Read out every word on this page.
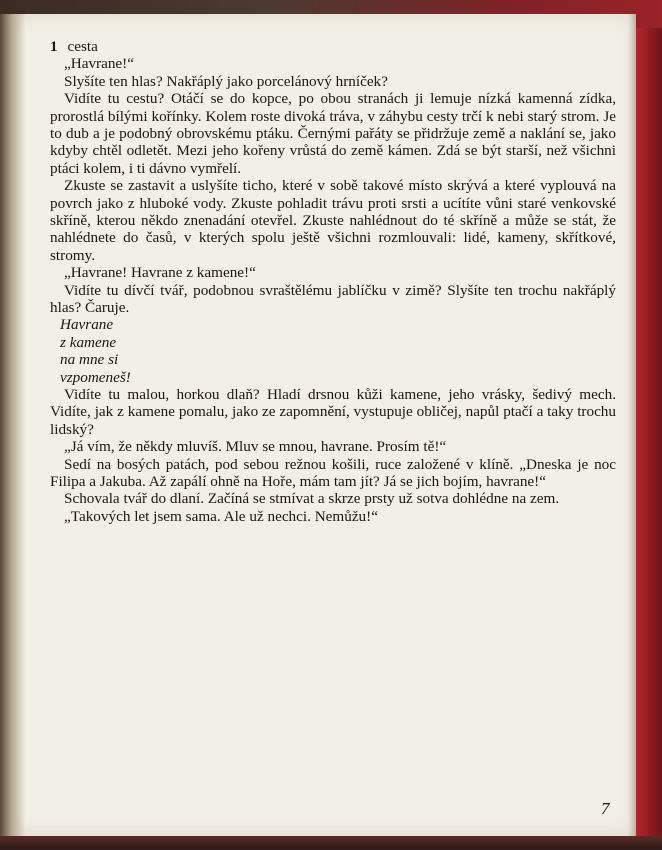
1 cesta

„Havrane!“

Slyšíte ten hlas? Nakřáplý jako porcelánový hrníček?

Vidíte tu cestu? Otáčí se do kopce, po obou stranách ji lemuje nízká kamenná zídka, prorostlá bílými kořínky. Kolem roste divoká tráva, v záhybu cesty trčí k nebi starý strom. Je to dub a je podobný obrovskému ptáku. Černými pařáty se přidržuje země a naklání se, jako kdyby chtěl odletět. Mezi jeho kořeny vrůstá do země kámen. Zdá se být starší, než všichni ptáci kolem, i ti dávno vymřelí.

Zkuste se zastavit a uslyšíte ticho, které v sobě takové místo skrývá a které vyplouvá na povrch jako z hluboké vody. Zkuste pohladit trávu proti srsti a ucítíte vůni staré venkovské skříně, kterou někdo znenadání otevřel. Zkuste nahlédnout do té skříně a může se stát, že nahlédnete do časů, v kterých spolu ještě všichni rozmlouvali: lidé, kameny, skřítkové, stromy.

„Havrane! Havrane z kamene!“

Vidíte tu dívčí tvář, podobnou svraštělému jablíčku v zimě? Slyšíte ten trochu nakřáplý hlas? Čaruje.

Havrane
z kamene
na mne si
vzpomeneš!

Vidíte tu malou, horkou dlaň? Hladí drsnou kůži kamene, jeho vrásky, šedivý mech. Vidíte, jak z kamene pomalu, jako ze zapomnění, vystupuje obličej, napůl ptačí a taky trochu lidský?

„Já vím, že někdy mluvíš. Mluv se mnou, havrane. Prosím tě!“

Sedí na bosých patách, pod sebou režnou košili, ruce založené v klíně. „Dneska je noc Filipa a Jakuba. Až zapálí ohně na Hoře, mám tam jít? Já se jich bojím, havrane!“

Schovala tvář do dlaní. Začíná se stmívat a skrze prsty už sotva dohlédne na zem.

„Takových let jsem sama. Ale už nechci. Nemůžu!“

7
